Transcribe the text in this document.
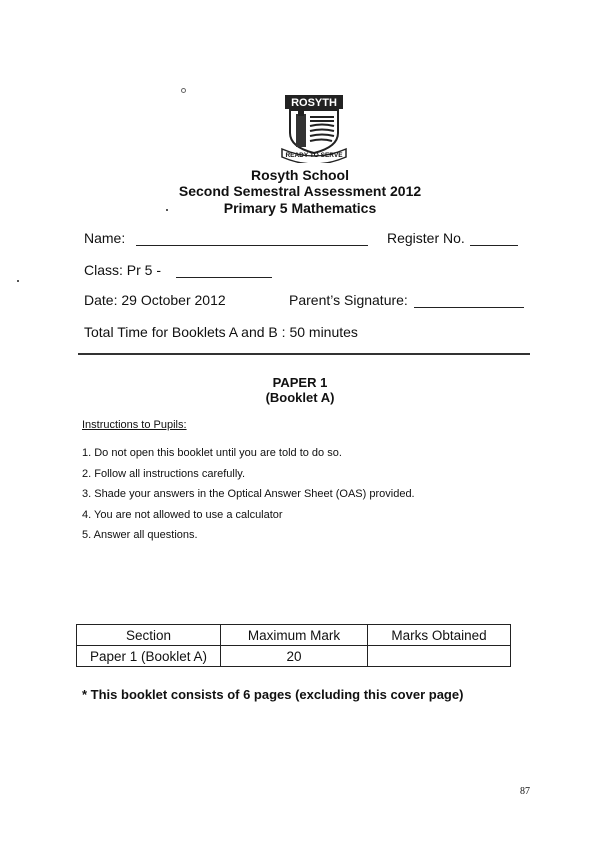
ROSYTH
READY TO SERVE
Rosyth School
Second Semestral Assessment 2012
Primary 5 Mathematics
Name:	Register No.
Class: Pr 5 -
Date: 29 October 2012	Parent’s Signature:
Total Time for Booklets A and B : 50 minutes
PAPER 1
(Booklet A)
Instructions to Pupils:
1. Do not open this booklet until you are told to do so.
2. Follow all instructions carefully.
3. Shade your answers in the Optical Answer Sheet (OAS) provided.
4. You are not allowed to use a calculator
5. Answer all questions.
Section	Maximum Mark	Marks Obtained
Paper 1 (Booklet A)	20	
* This booklet consists of 6 pages (excluding this cover page)
87
